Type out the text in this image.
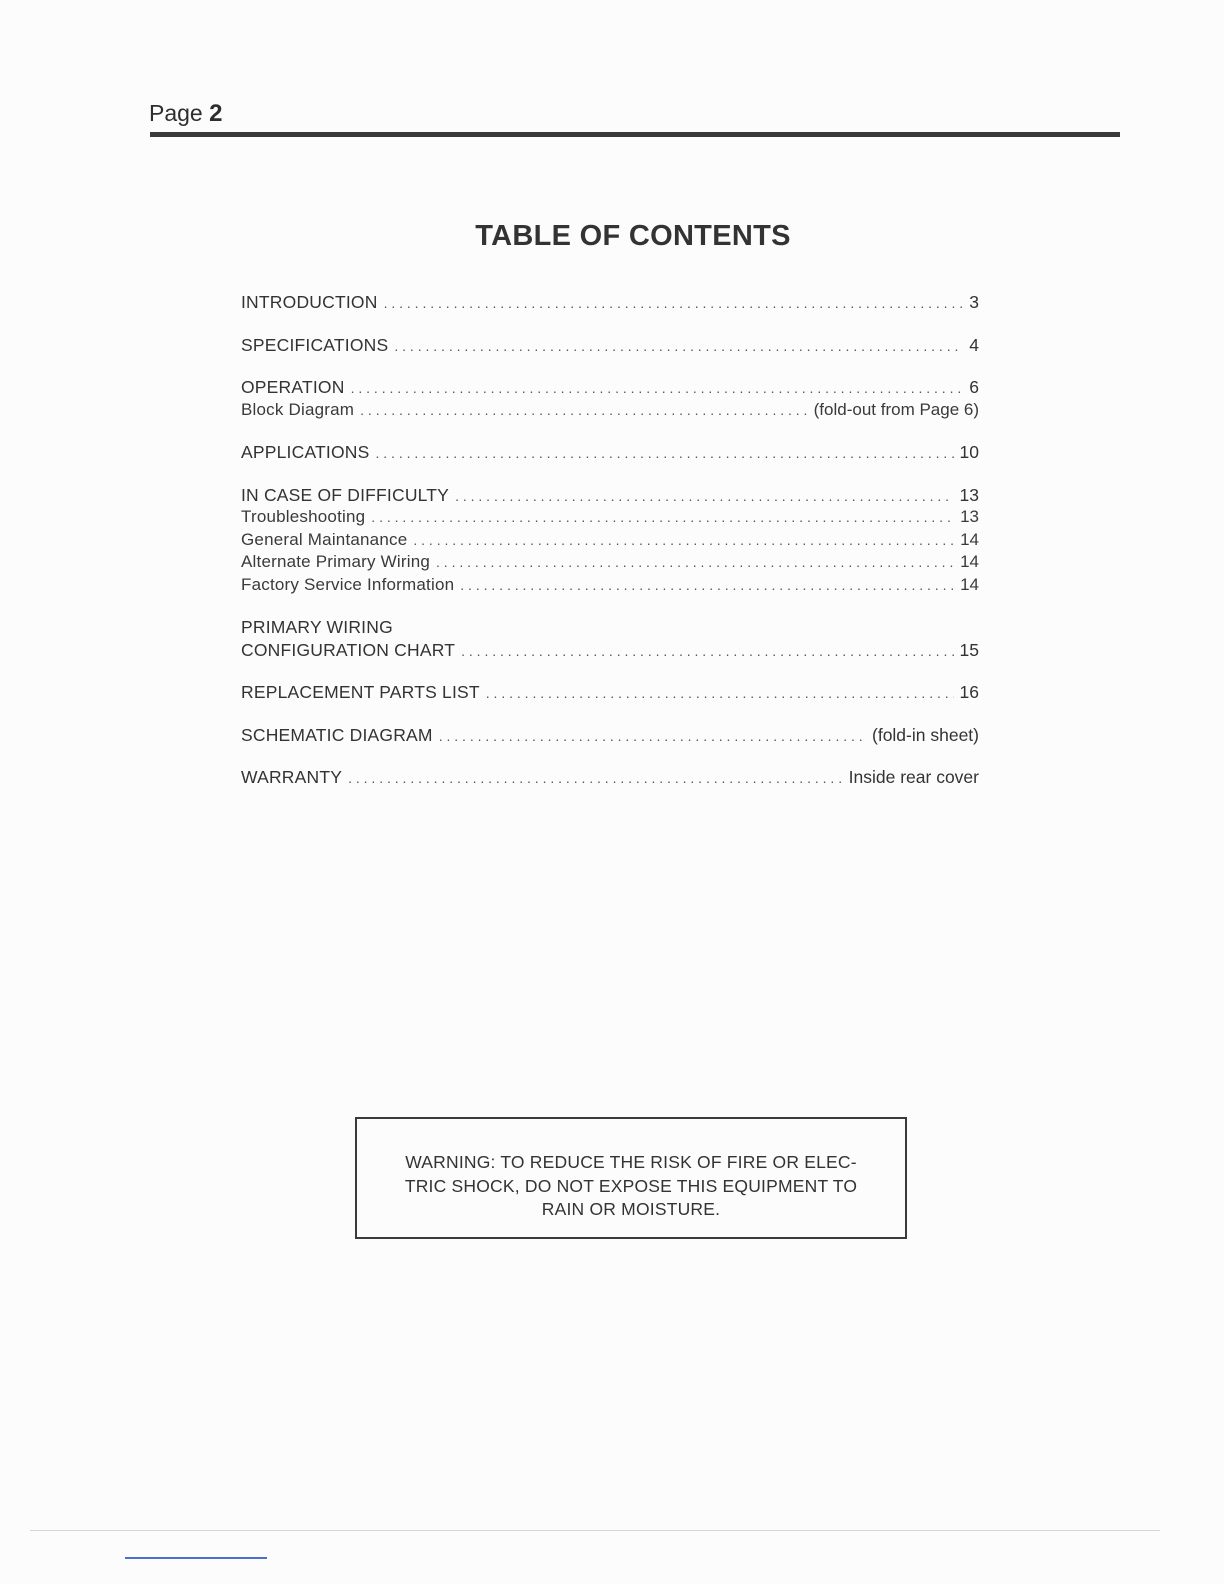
Page 2
TABLE OF CONTENTS
INTRODUCTION . . .	3
SPECIFICATIONS . . .	4
OPERATION . . .	6
Block Diagram . . .	(fold-out from Page 6)
APPLICATIONS . . .	10
IN CASE OF DIFFICULTY . . .	13
Troubleshooting . . .	13
General Maintanance . . .	14
Alternate Primary Wiring . . .	14
Factory Service Information . . .	14
PRIMARY WIRING
CONFIGURATION CHART . . .	15
REPLACEMENT PARTS LIST . . .	16
SCHEMATIC DIAGRAM . . .	(fold-in sheet)
WARRANTY . . .	Inside rear cover
WARNING: TO REDUCE THE RISK OF FIRE OR ELEC-
TRIC SHOCK, DO NOT EXPOSE THIS EQUIPMENT TO
RAIN OR MOISTURE.
